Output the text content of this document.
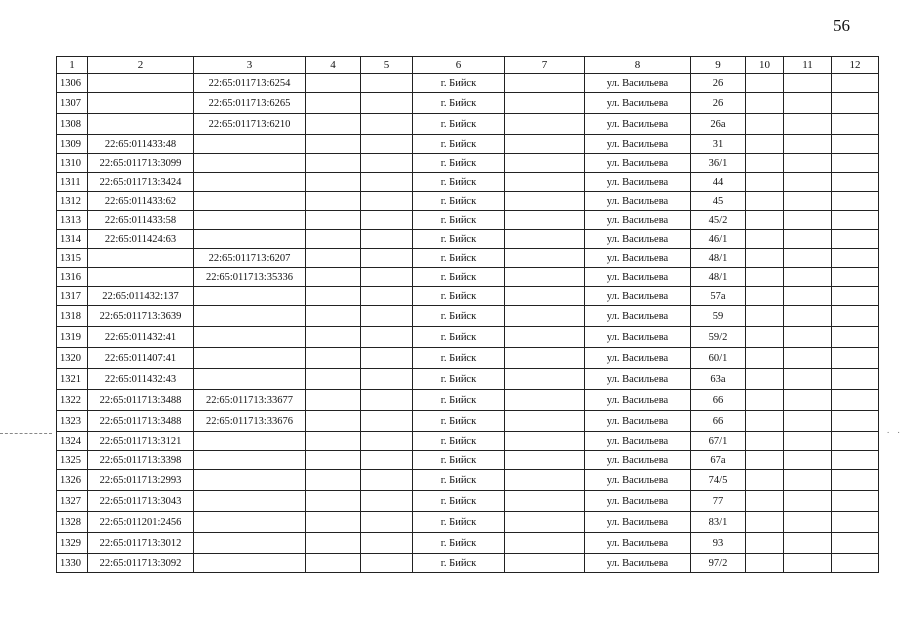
56
. .
1	2	3	4	5	6	7	8	9	10	11	12
1306		22:65:011713:6254			г. Бийск		ул. Васильева	26			
1307		22:65:011713:6265			г. Бийск		ул. Васильева	26			
1308		22:65:011713:6210			г. Бийск		ул. Васильева	26а			
1309	22:65:011433:48				г. Бийск		ул. Васильева	31			
1310	22:65:011713:3099				г. Бийск		ул. Васильева	36/1			
1311	22:65:011713:3424				г. Бийск		ул. Васильева	44			
1312	22:65:011433:62				г. Бийск		ул. Васильева	45			
1313	22:65:011433:58				г. Бийск		ул. Васильева	45/2			
1314	22:65:011424:63				г. Бийск		ул. Васильева	46/1			
1315		22:65:011713:6207			г. Бийск		ул. Васильева	48/1			
1316		22:65:011713:35336			г. Бийск		ул. Васильева	48/1			
1317	22:65:011432:137				г. Бийск		ул. Васильева	57а			
1318	22:65:011713:3639				г. Бийск		ул. Васильева	59			
1319	22:65:011432:41				г. Бийск		ул. Васильева	59/2			
1320	22:65:011407:41				г. Бийск		ул. Васильева	60/1			
1321	22:65:011432:43				г. Бийск		ул. Васильева	63а			
1322	22:65:011713:3488	22:65:011713:33677			г. Бийск		ул. Васильева	66			
1323	22:65:011713:3488	22:65:011713:33676			г. Бийск		ул. Васильева	66			
1324	22:65:011713:3121				г. Бийск		ул. Васильева	67/1			
1325	22:65:011713:3398				г. Бийск		ул. Васильева	67а			
1326	22:65:011713:2993				г. Бийск		ул. Васильева	74/5			
1327	22:65:011713:3043				г. Бийск		ул. Васильева	77			
1328	22:65:011201:2456				г. Бийск		ул. Васильева	83/1			
1329	22:65:011713:3012				г. Бийск		ул. Васильева	93			
1330	22:65:011713:3092				г. Бийск		ул. Васильева	97/2			
